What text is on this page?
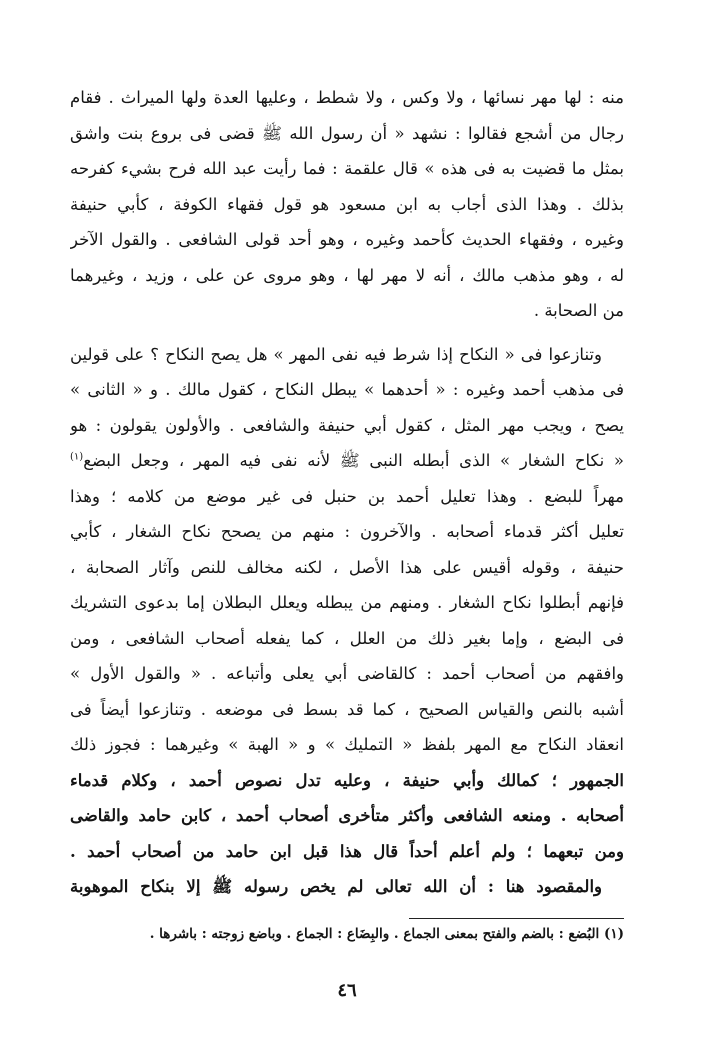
منه : لها مهر نسائها ، ولا وكس ، ولا شطط ، وعليها العدة ولها الميراث . فقام
رجال من أشجع فقالوا : نشهد « أن رسول الله ﷺ قضى فى بروع بنت واشق
بمثل ما قضيت به فى هذه » قال علقمة : فما رأيت عبد الله فرح بشيء كفرحه
بذلك . وهذا الذى أجاب به ابن مسعود هو قول فقهاء الكوفة ، كأبي حنيفة
وغيره ، وفقهاء الحديث كأحمد وغيره ، وهو أحد قولى الشافعى . والقول الآخر
له ، وهو مذهب مالك ، أنه لا مهر لها ، وهو مروى عن على ، وزيد ، وغيرهما
من الصحابة .
وتنازعوا فى « النكاح إذا شرط فيه نفى المهر » هل يصح النكاح ؟ على قولين
فى مذهب أحمد وغيره : « أحدهما » يبطل النكاح ، كقول مالك . و « الثانى »
يصح ، ويجب مهر المثل ، كقول أبي حنيفة والشافعى . والأولون يقولون : هو
« نكاح الشغار » الذى أبطله النبى ﷺ لأنه نفى فيه المهر ، وجعل البضع$^{(١)}$
مهراً للبضع . وهذا تعليل أحمد بن حنبل فى غير موضع من كلامه ؛ وهذا
تعليل أكثر قدماء أصحابه . والآخرون : منهم من يصحح نكاح الشغار ، كأبي
حنيفة ، وقوله أقيس على هذا الأصل ، لكنه مخالف للنص وآثار الصحابة ،
فإنهم أبطلوا نكاح الشغار . ومنهم من يبطله ويعلل البطلان إما بدعوى التشريك
فى البضع ، وإما بغير ذلك من العلل ، كما يفعله أصحاب الشافعى ، ومن
وافقهم من أصحاب أحمد : كالقاضى أبي يعلى وأتباعه . « والقول الأول »
أشبه بالنص والقياس الصحيح ، كما قد بسط فى موضعه . وتنازعوا أيضاً فى
انعقاد النكاح مع المهر بلفظ « التمليك » و « الهبة » وغيرهما : فجوز ذلك
الجمهور ؛ كمالك وأبي حنيفة ، وعليه تدل نصوص أحمد ، وكلام قدماء
أصحابه . ومنعه الشافعى وأكثر متأخرى أصحاب أحمد ، كابن حامد والقاضى
ومن تبعهما ؛ ولم أعلم أحداً قال هذا قبل ابن حامد من أصحاب أحمد .
والمقصود هنا : أن الله تعالى لم يخص رسوله ﷺ إلا بنكاح الموهوبة
(١) البُضع : بالضم والفتح بمعنى الجماع . والبِضَاع : الجماع . وباضع زوجته : باشرها .
٤٦
